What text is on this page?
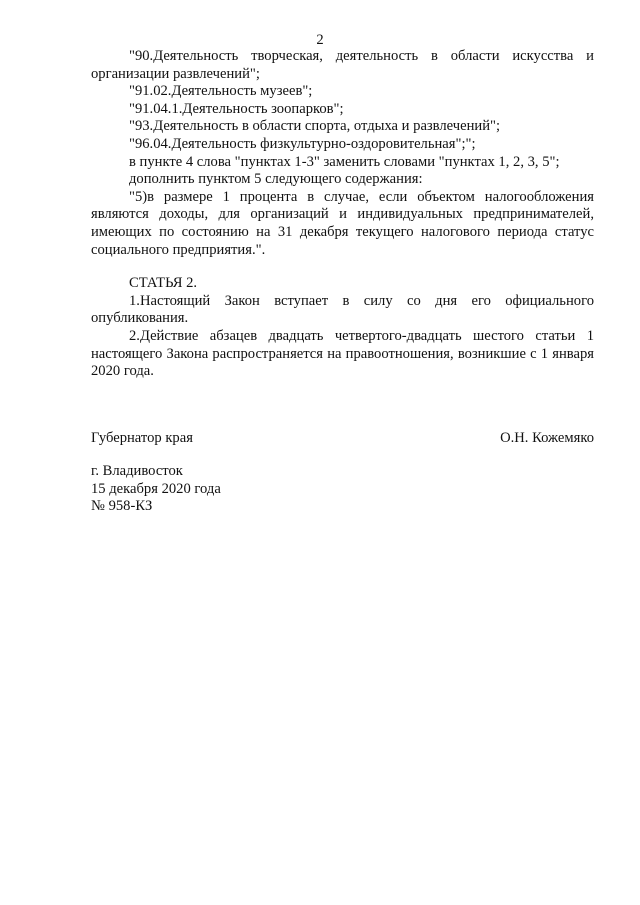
2

"90.Деятельность творческая, деятельность в области искусства и организации развлечений";

"91.02.Деятельность музеев";

"91.04.1.Деятельность зоопарков";

"93.Деятельность в области спорта, отдыха и развлечений";

"96.04.Деятельность физкультурно-оздоровительная";";

в пункте 4 слова "пунктах 1-3" заменить словами "пунктах 1, 2, 3, 5";

дополнить пунктом 5 следующего содержания:

"5)в размере 1 процента в случае, если объектом налогообложения являются доходы, для организаций и индивидуальных предпринимателей, имеющих по состоянию на 31 декабря текущего налогового периода статус социального предприятия.".

СТАТЬЯ 2.

1.Настоящий Закон вступает в силу со дня его официального опубликования.

2.Действие абзацев двадцать четвертого-двадцать шестого статьи 1 настоящего Закона распространяется на правоотношения, возникшие с 1 января 2020 года.

Губернатор края	О.Н. Кожемяко
г. Владивосток
15 декабря 2020 года
№ 958-КЗ
